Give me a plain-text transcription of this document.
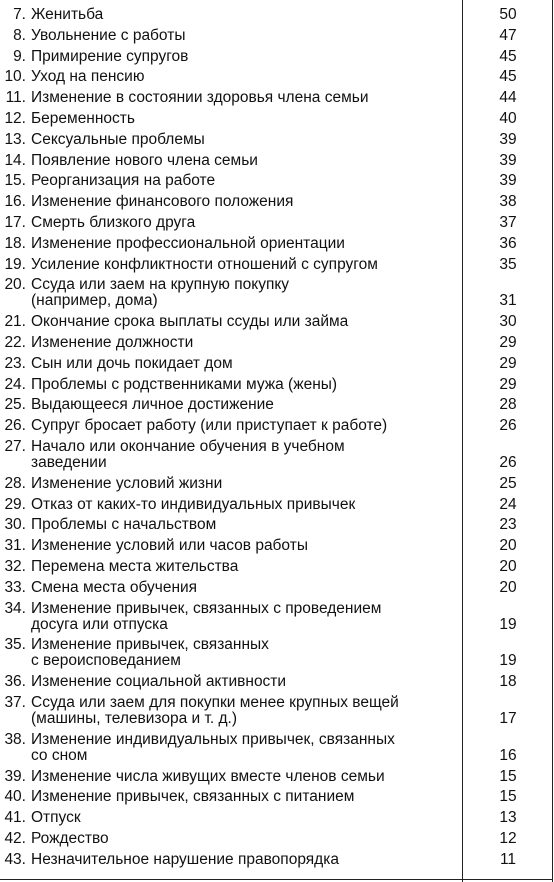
7. Женитьба	50
8. Увольнение с работы	47
9. Примирение супругов	45
10. Уход на пенсию	45
11. Изменение в состоянии здоровья члена семьи	44
12. Беременность	40
13. Сексуальные проблемы	39
14. Появление нового члена семьи	39
15. Реорганизация на работе	39
16. Изменение финансового положения	38
17. Смерть близкого друга	37
18. Изменение профессиональной ориентации	36
19. Усиление конфликтности отношений с супругом	35
20. Ссуда или заем на крупную покупку
(например, дома)	31
21. Окончание срока выплаты ссуды или займа	30
22. Изменение должности	29
23. Сын или дочь покидает дом	29
24. Проблемы с родственниками мужа (жены)	29
25. Выдающееся личное достижение	28
26. Супруг бросает работу (или приступает к работе)	26
27. Начало или окончание обучения в учебном
заведении	26
28. Изменение условий жизни	25
29. Отказ от каких-то индивидуальных привычек	24
30. Проблемы с начальством	23
31. Изменение условий или часов работы	20
32. Перемена места жительства	20
33. Смена места обучения	20
34. Изменение привычек, связанных с проведением
досуга или отпуска	19
35. Изменение привычек, связанных
с вероисповеданием	19
36. Изменение социальной активности	18
37. Ссуда или заем для покупки менее крупных вещей
(машины, телевизора и т. д.)	17
38. Изменение индивидуальных привычек, связанных
со сном	16
39. Изменение числа живущих вместе членов семьи	15
40. Изменение привычек, связанных с питанием	15
41. Отпуск	13
42. Рождество	12
43. Незначительное нарушение правопорядка	11
